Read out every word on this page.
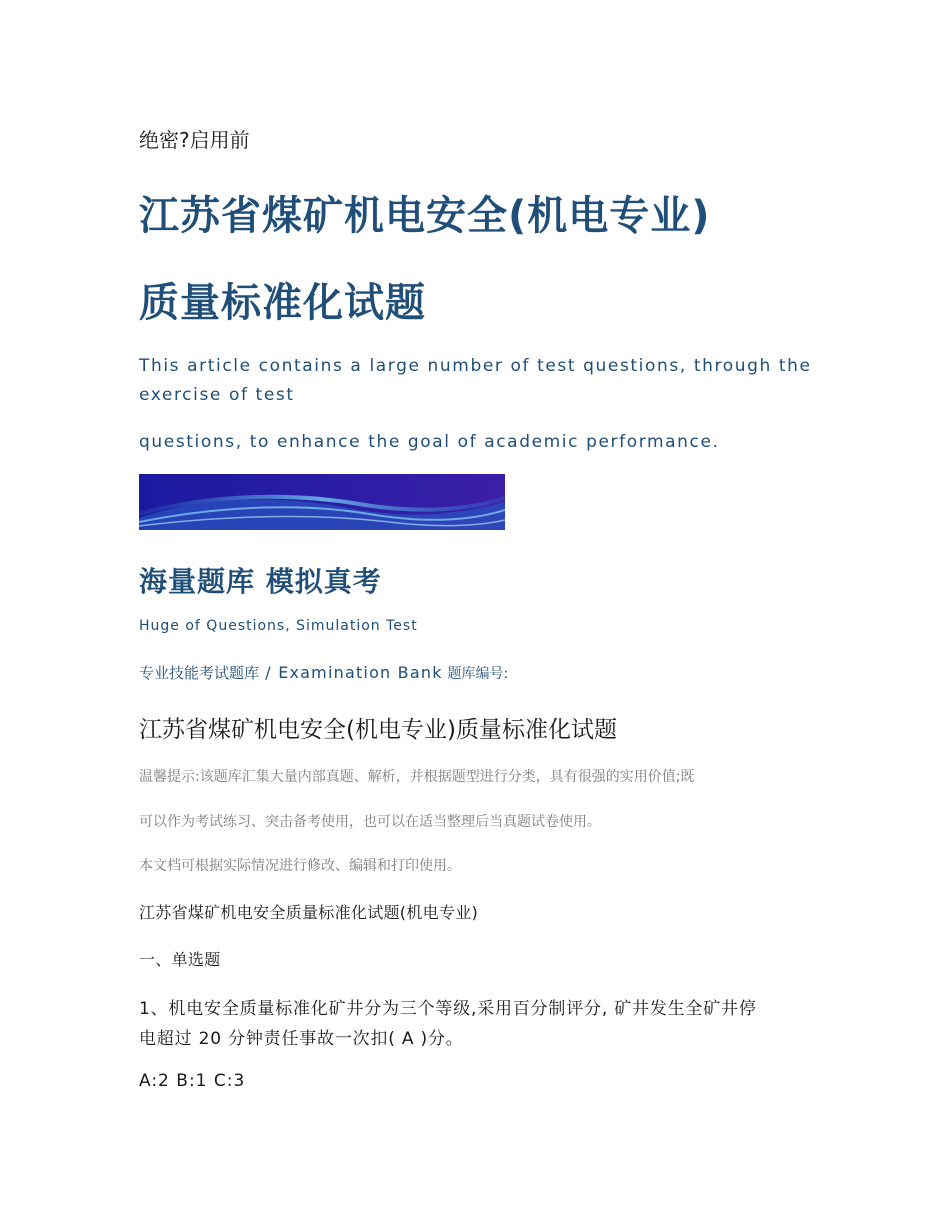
绝密?启用前

江苏省煤矿机电安全(机电专业)
质量标准化试题

This article contains a large number of test questions, through the exercise of test

questions, to enhance the goal of academic performance.

海量题库 模拟真考

Huge of Questions, Simulation Test

专业技能考试题库 / Examination Bank 题库编号:

江苏省煤矿机电安全(机电专业)质量标准化试题

温馨提示:该题库汇集大量内部真题、解析，并根据题型进行分类，具有很强的实用价值;既

可以作为考试练习、突击备考使用，也可以在适当整理后当真题试卷使用。

本文档可根据实际情况进行修改、编辑和打印使用。

江苏省煤矿机电安全质量标准化试题(机电专业)

一、单选题

1、机电安全质量标准化矿井分为三个等级,采用百分制评分, 矿井发生全矿井停

电超过 20 分钟责任事故一次扣( A )分。

A:2 B:1 C:3
